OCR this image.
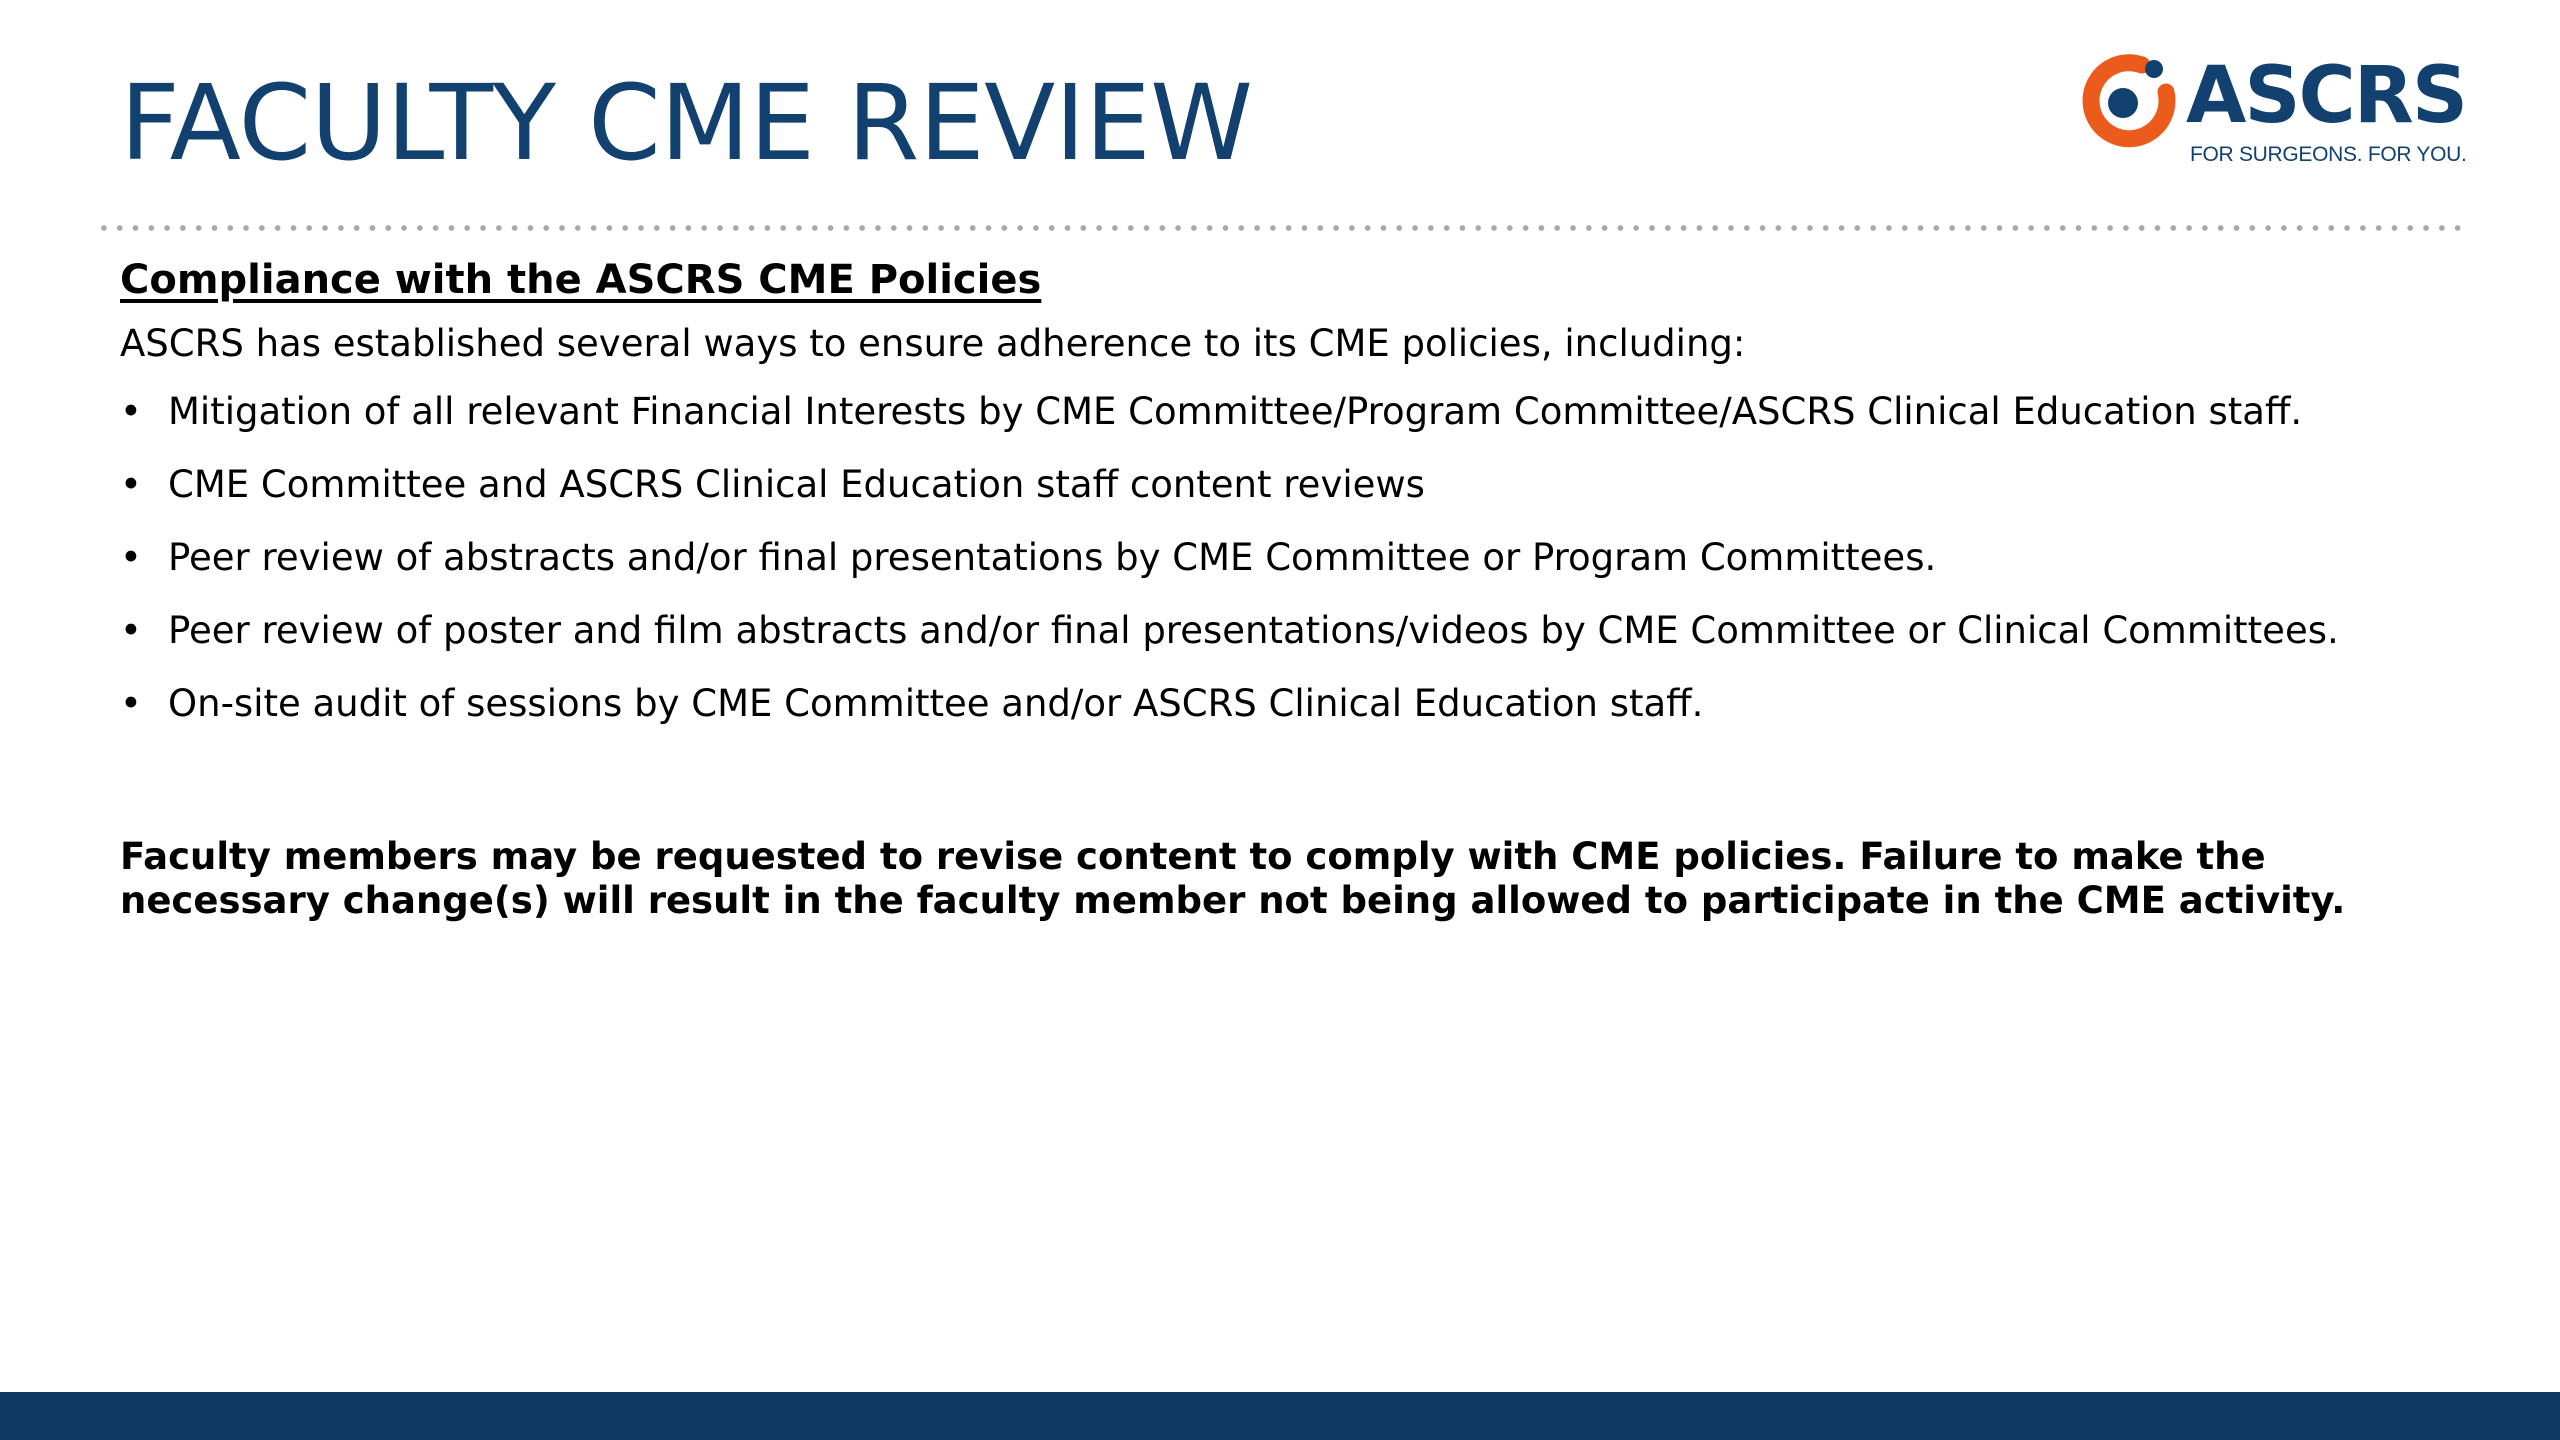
FACULTY CME REVIEW	ASCRS
FOR SURGEONS. FOR YOU.

Compliance with the ASCRS CME Policies

ASCRS has established several ways to ensure adherence to its CME policies, including:

• Mitigation of all relevant Financial Interests by CME Committee/Program Committee/ASCRS Clinical Education staff.
• CME Committee and ASCRS Clinical Education staff content reviews
• Peer review of abstracts and/or final presentations by CME Committee or Program Committees.
• Peer review of poster and film abstracts and/or final presentations/videos by CME Committee or Clinical Committees.
• On-site audit of sessions by CME Committee and/or ASCRS Clinical Education staff.

Faculty members may be requested to revise content to comply with CME policies. Failure to make the necessary change(s) will result in the faculty member not being allowed to participate in the CME activity.
